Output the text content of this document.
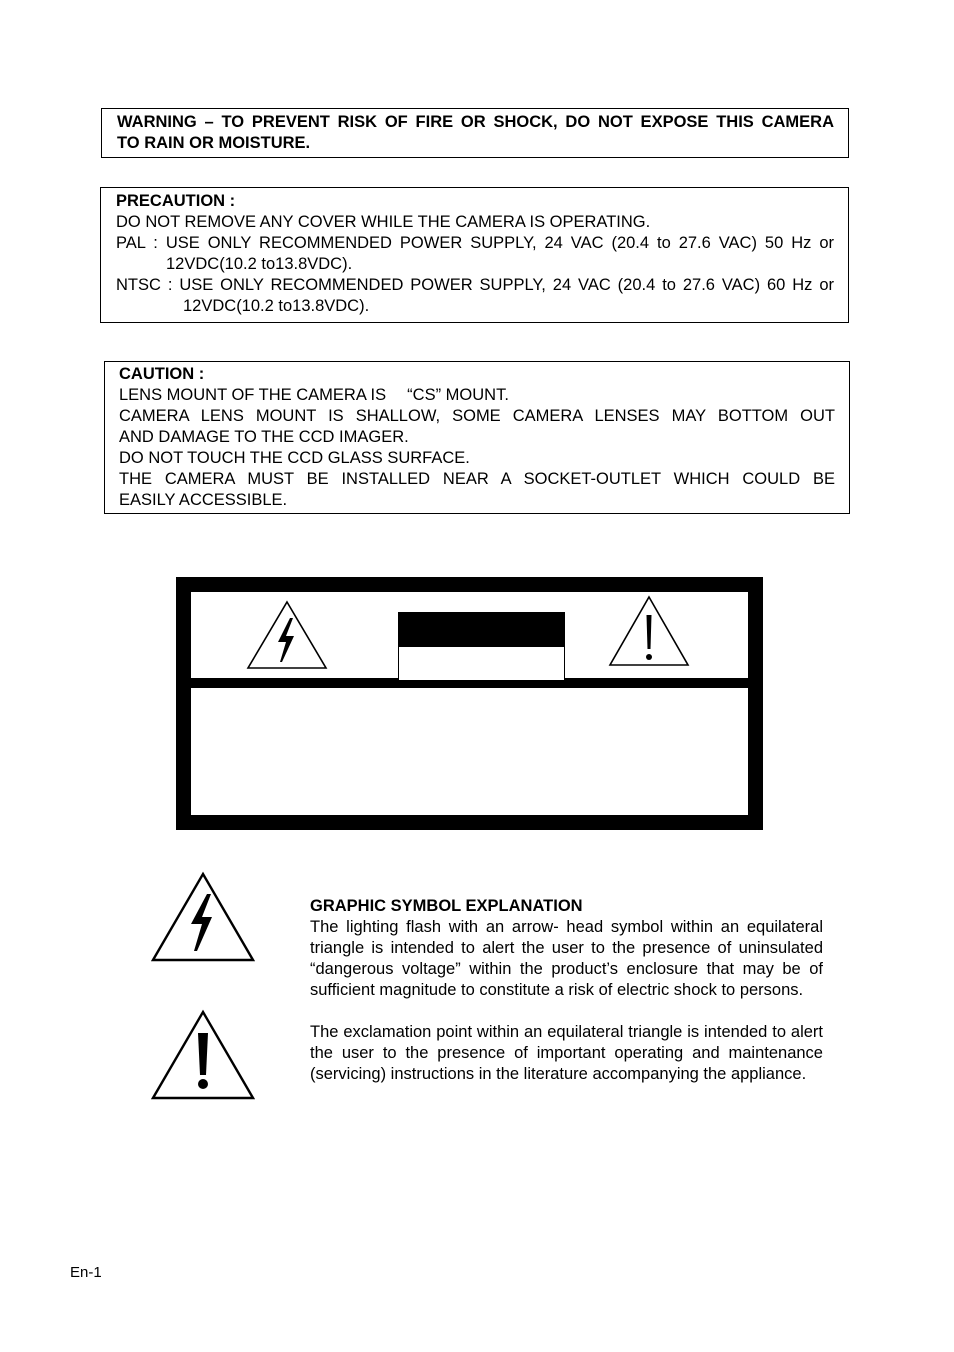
WARNING – TO PREVENT RISK OF FIRE OR SHOCK, DO NOT EXPOSE THIS CAMERA
TO RAIN OR MOISTURE.
PRECAUTION :
DO NOT REMOVE ANY COVER WHILE THE CAMERA IS OPERATING.
PAL : USE ONLY RECOMMENDED POWER SUPPLY, 24 VAC (20.4 to 27.6 VAC) 50 Hz or
12VDC(10.2 to13.8VDC).
NTSC : USE ONLY RECOMMENDED POWER SUPPLY, 24 VAC (20.4 to 27.6 VAC) 60 Hz or
12VDC(10.2 to13.8VDC).
CAUTION :
LENS MOUNT OF THE CAMERA IS 　“CS” MOUNT.
CAMERA LENS MOUNT IS SHALLOW, SOME CAMERA LENSES MAY BOTTOM OUT
AND DAMAGE TO THE CCD IMAGER.
DO NOT TOUCH THE CCD GLASS SURFACE.
THE CAMERA MUST BE INSTALLED NEAR A SOCKET-OUTLET WHICH COULD BE
EASILY ACCESSIBLE.
GRAPHIC SYMBOL EXPLANATION

The lighting flash with an arrow- head symbol within an equilateral triangle is intended to alert the user to the presence of uninsulated “dangerous voltage” within the product’s enclosure that may be of sufficient magnitude to constitute a risk of electric shock to persons.

The exclamation point within an equilateral triangle is intended to alert the user to the presence of important operating and maintenance (servicing) instructions in the literature accompanying the appliance.

En-1
